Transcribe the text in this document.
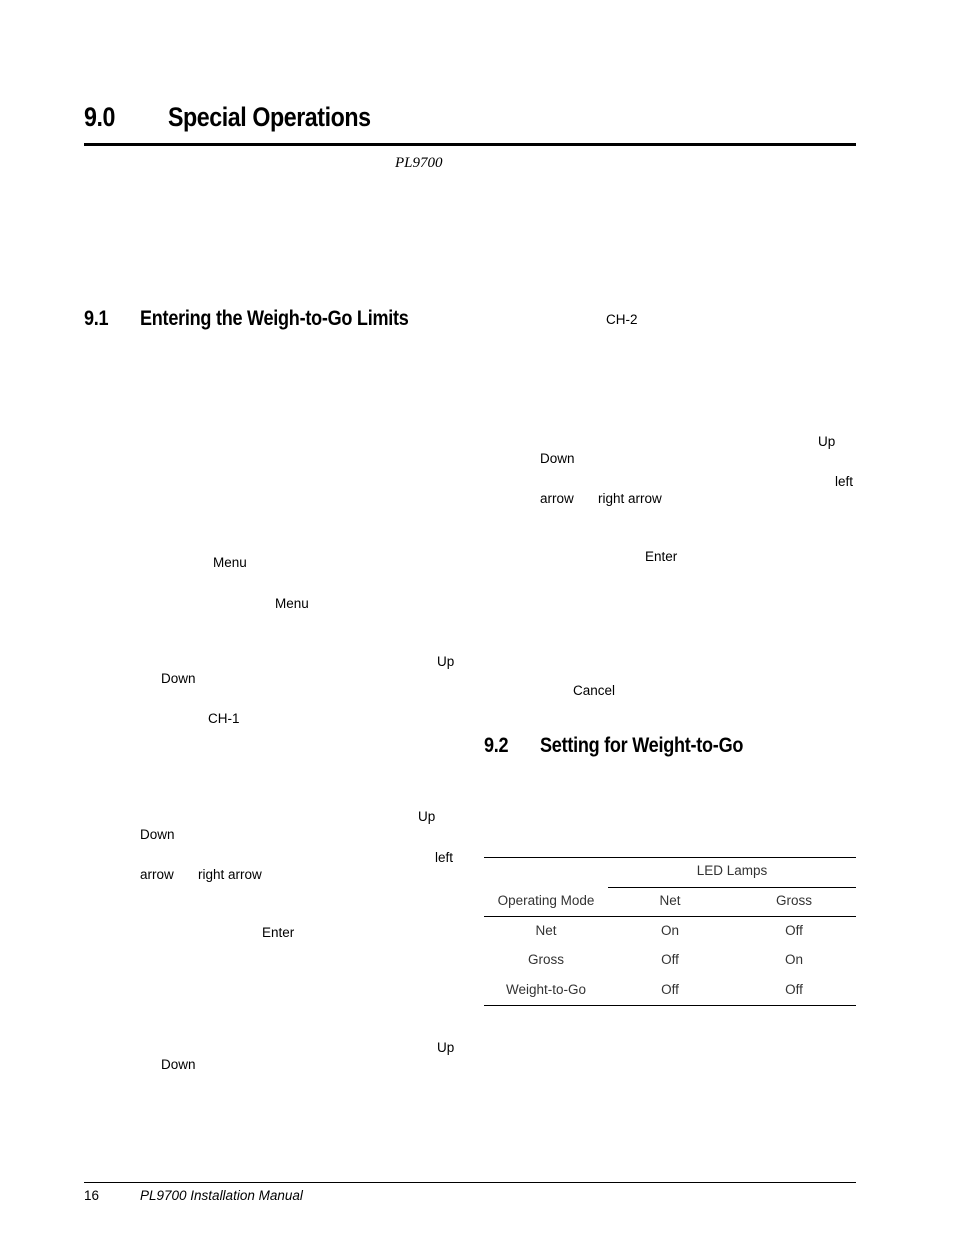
9.0 Special Operations
PL9700
9.1 Entering the Weigh-to-Go Limits
Menu
Menu
Up
Down
CH-1
Up
Down
left
arrow right arrow
Enter
Up
Down
CH-2
Up
Down
left
arrow right arrow
Enter
Cancel
9.2 Setting for Weight-to-Go
LED Lamps
Operating Mode	Net	Gross
Net	On	Off
Gross	Off	On
Weight-to-Go	Off	Off
16	PL9700 Installation Manual
